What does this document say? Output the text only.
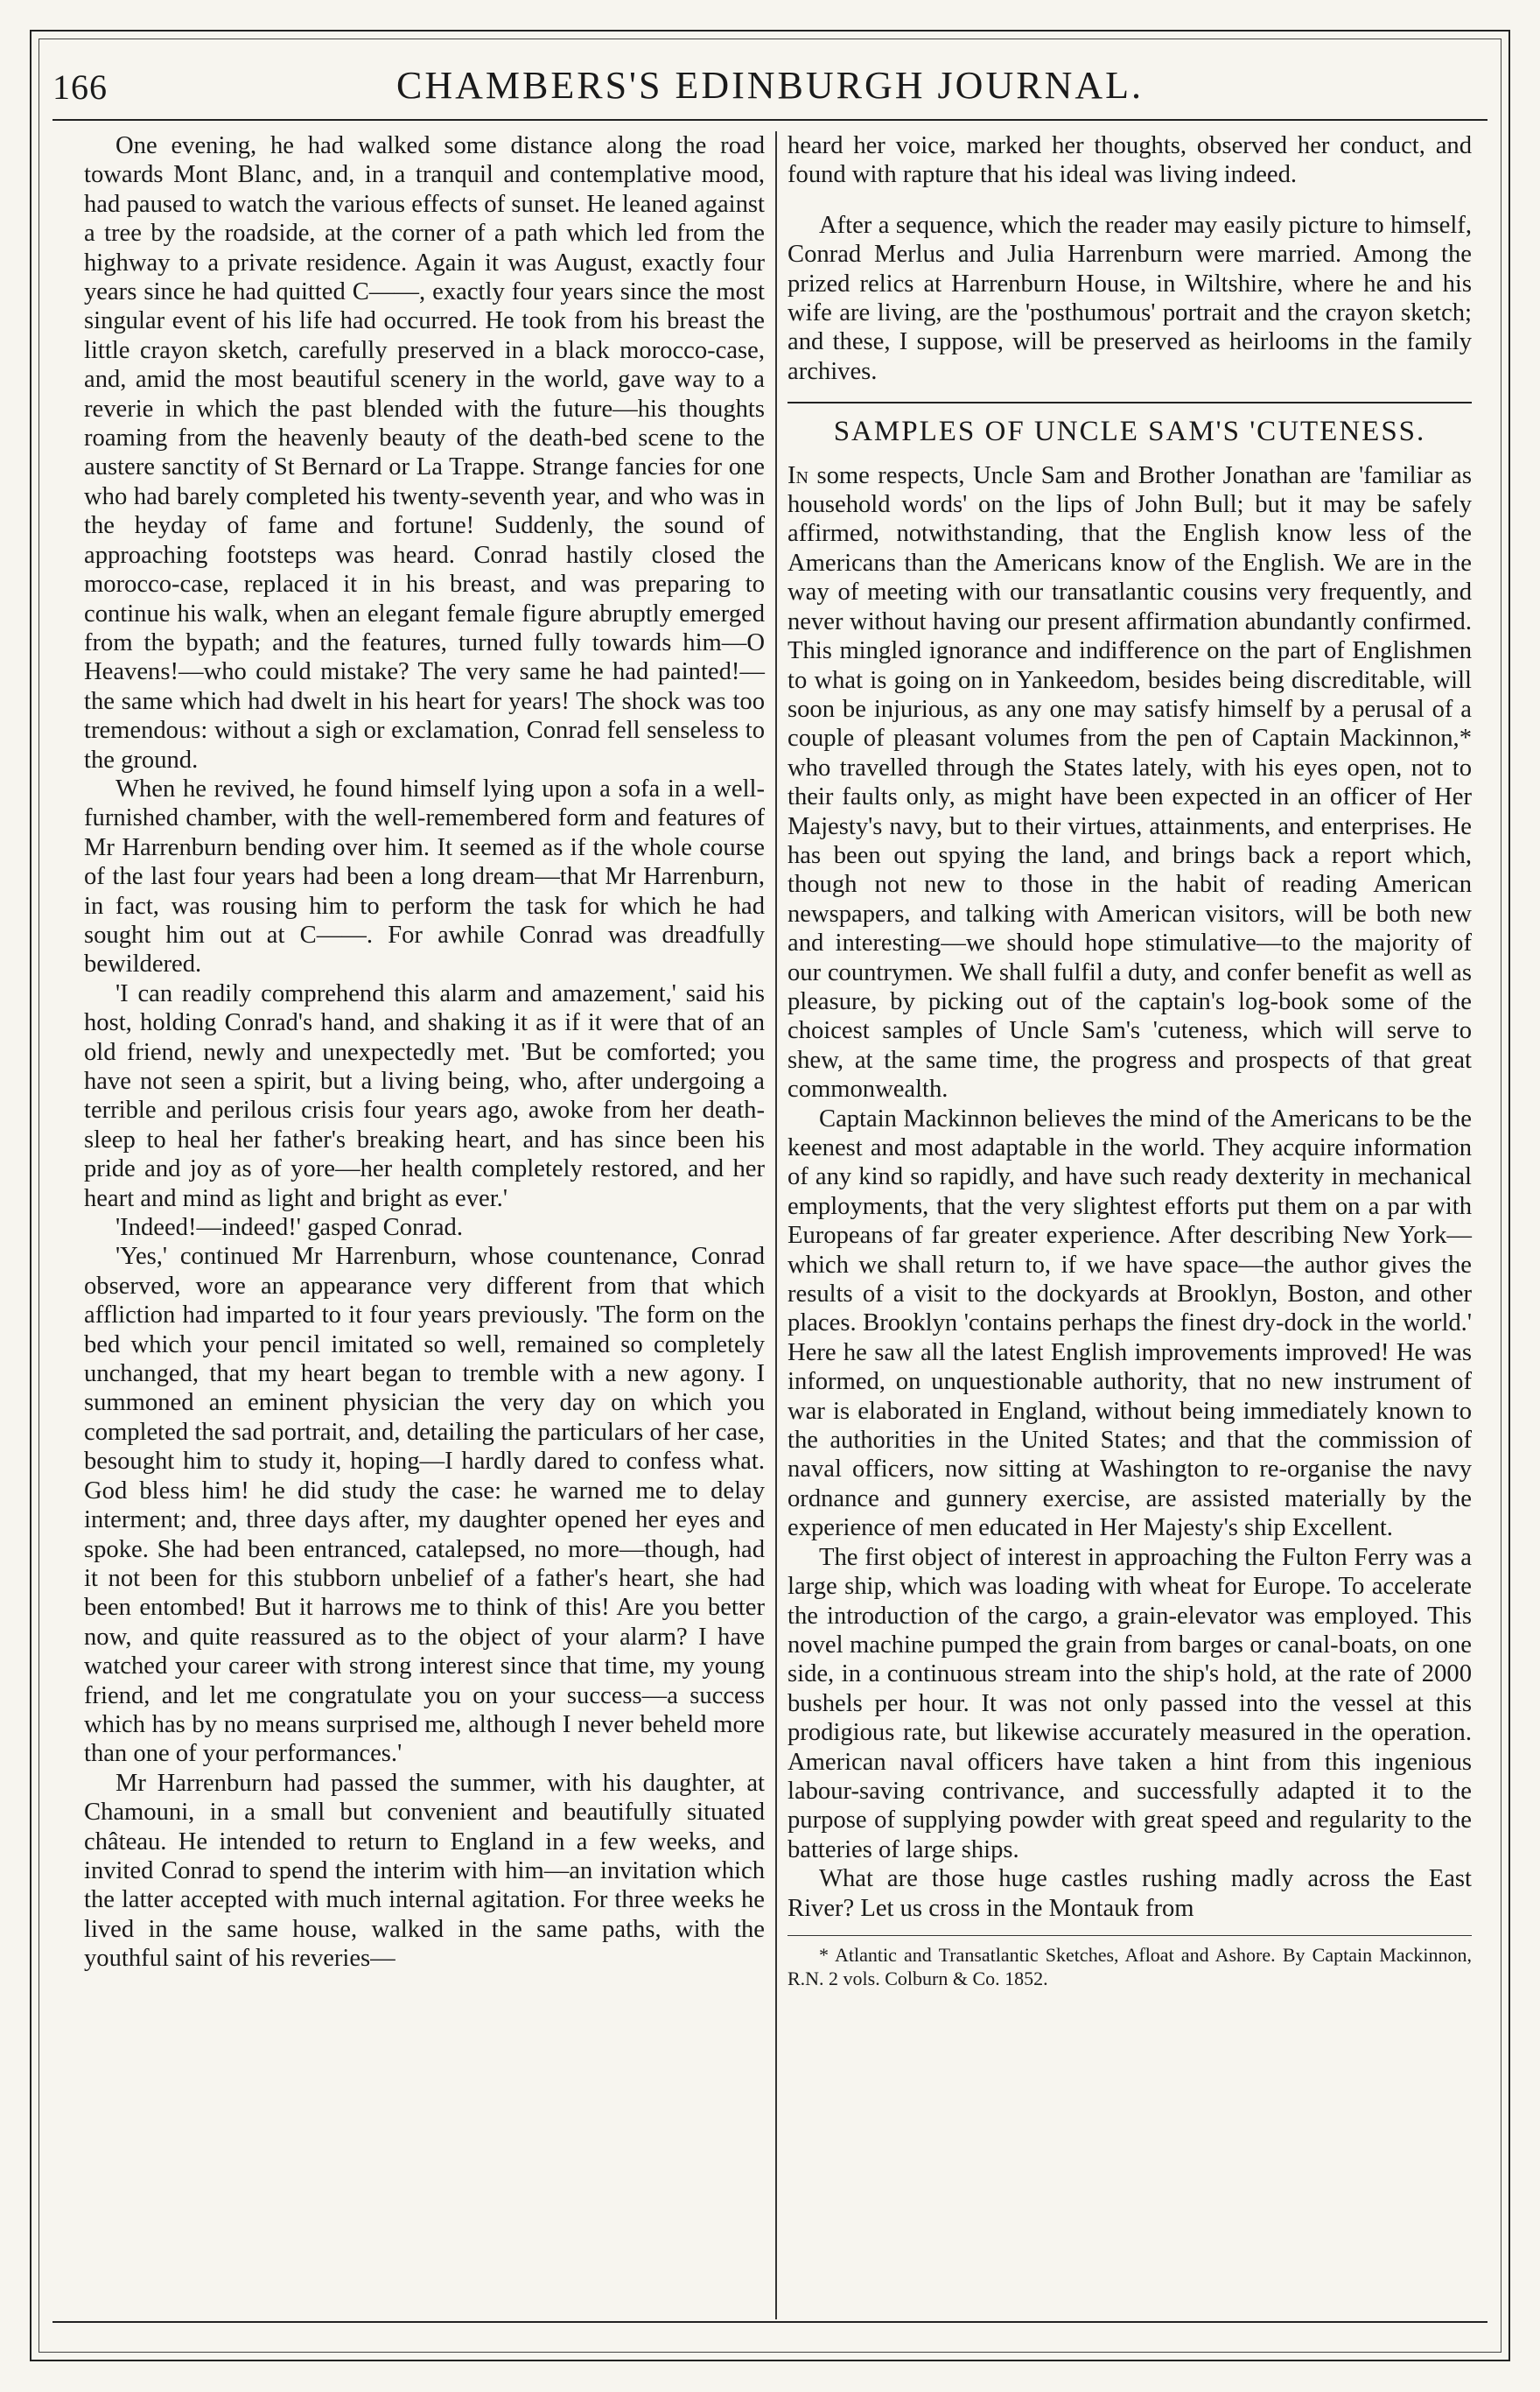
166	CHAMBERS'S EDINBURGH JOURNAL.

One evening, he had walked some distance along the road towards Mont Blanc, and, in a tranquil and contemplative mood, had paused to watch the various effects of sunset. He leaned against a tree by the roadside, at the corner of a path which led from the highway to a private residence. Again it was August, exactly four years since he had quitted C——, exactly four years since the most singular event of his life had occurred. He took from his breast the little crayon sketch, carefully preserved in a black morocco-case, and, amid the most beautiful scenery in the world, gave way to a reverie in which the past blended with the future—his thoughts roaming from the heavenly beauty of the death-bed scene to the austere sanctity of St Bernard or La Trappe. Strange fancies for one who had barely completed his twenty-seventh year, and who was in the heyday of fame and fortune! Suddenly, the sound of approaching footsteps was heard. Conrad hastily closed the morocco-case, replaced it in his breast, and was preparing to continue his walk, when an elegant female figure abruptly emerged from the bypath; and the features, turned fully towards him—O Heavens!—who could mistake? The very same he had painted!—the same which had dwelt in his heart for years! The shock was too tremendous: without a sigh or exclamation, Conrad fell senseless to the ground.

When he revived, he found himself lying upon a sofa in a well-furnished chamber, with the well-remembered form and features of Mr Harrenburn bending over him. It seemed as if the whole course of the last four years had been a long dream—that Mr Harrenburn, in fact, was rousing him to perform the task for which he had sought him out at C——. For awhile Conrad was dreadfully bewildered.

'I can readily comprehend this alarm and amazement,' said his host, holding Conrad's hand, and shaking it as if it were that of an old friend, newly and unexpectedly met. 'But be comforted; you have not seen a spirit, but a living being, who, after undergoing a terrible and perilous crisis four years ago, awoke from her death-sleep to heal her father's breaking heart, and has since been his pride and joy as of yore—her health completely restored, and her heart and mind as light and bright as ever.'

'Indeed!—indeed!' gasped Conrad.

'Yes,' continued Mr Harrenburn, whose countenance, Conrad observed, wore an appearance very different from that which affliction had imparted to it four years previously. 'The form on the bed which your pencil imitated so well, remained so completely unchanged, that my heart began to tremble with a new agony. I summoned an eminent physician the very day on which you completed the sad portrait, and, detailing the particulars of her case, besought him to study it, hoping—I hardly dared to confess what. God bless him! he did study the case: he warned me to delay interment; and, three days after, my daughter opened her eyes and spoke. She had been entranced, catalepsed, no more—though, had it not been for this stubborn unbelief of a father's heart, she had been entombed! But it harrows me to think of this! Are you better now, and quite reassured as to the object of your alarm? I have watched your career with strong interest since that time, my young friend, and let me congratulate you on your success—a success which has by no means surprised me, although I never beheld more than one of your performances.'

Mr Harrenburn had passed the summer, with his daughter, at Chamouni, in a small but convenient and beautifully situated château. He intended to return to England in a few weeks, and invited Conrad to spend the interim with him—an invitation which the latter accepted with much internal agitation. For three weeks he lived in the same house, walked in the same paths, with the youthful saint of his reveries—

heard her voice, marked her thoughts, observed her conduct, and found with rapture that his ideal was living indeed.

After a sequence, which the reader may easily picture to himself, Conrad Merlus and Julia Harrenburn were married. Among the prized relics at Harrenburn House, in Wiltshire, where he and his wife are living, are the 'posthumous' portrait and the crayon sketch; and these, I suppose, will be preserved as heirlooms in the family archives.

SAMPLES OF UNCLE SAM'S 'CUTENESS.

In some respects, Uncle Sam and Brother Jonathan are 'familiar as household words' on the lips of John Bull; but it may be safely affirmed, notwithstanding, that the English know less of the Americans than the Americans know of the English. We are in the way of meeting with our transatlantic cousins very frequently, and never without having our present affirmation abundantly confirmed. This mingled ignorance and indifference on the part of Englishmen to what is going on in Yankeedom, besides being discreditable, will soon be injurious, as any one may satisfy himself by a perusal of a couple of pleasant volumes from the pen of Captain Mackinnon,* who travelled through the States lately, with his eyes open, not to their faults only, as might have been expected in an officer of Her Majesty's navy, but to their virtues, attainments, and enterprises. He has been out spying the land, and brings back a report which, though not new to those in the habit of reading American newspapers, and talking with American visitors, will be both new and interesting—we should hope stimulative—to the majority of our countrymen. We shall fulfil a duty, and confer benefit as well as pleasure, by picking out of the captain's log-book some of the choicest samples of Uncle Sam's 'cuteness, which will serve to shew, at the same time, the progress and prospects of that great commonwealth.

Captain Mackinnon believes the mind of the Americans to be the keenest and most adaptable in the world. They acquire information of any kind so rapidly, and have such ready dexterity in mechanical employments, that the very slightest efforts put them on a par with Europeans of far greater experience. After describing New York—which we shall return to, if we have space—the author gives the results of a visit to the dockyards at Brooklyn, Boston, and other places. Brooklyn 'contains perhaps the finest dry-dock in the world.' Here he saw all the latest English improvements improved! He was informed, on unquestionable authority, that no new instrument of war is elaborated in England, without being immediately known to the authorities in the United States; and that the commission of naval officers, now sitting at Washington to re-organise the navy ordnance and gunnery exercise, are assisted materially by the experience of men educated in Her Majesty's ship Excellent.

The first object of interest in approaching the Fulton Ferry was a large ship, which was loading with wheat for Europe. To accelerate the introduction of the cargo, a grain-elevator was employed. This novel machine pumped the grain from barges or canal-boats, on one side, in a continuous stream into the ship's hold, at the rate of 2000 bushels per hour. It was not only passed into the vessel at this prodigious rate, but likewise accurately measured in the operation. American naval officers have taken a hint from this ingenious labour-saving contrivance, and successfully adapted it to the purpose of supplying powder with great speed and regularity to the batteries of large ships.

What are those huge castles rushing madly across the East River? Let us cross in the Montauk from

* Atlantic and Transatlantic Sketches, Afloat and Ashore. By Captain Mackinnon, R.N. 2 vols. Colburn & Co. 1852.
